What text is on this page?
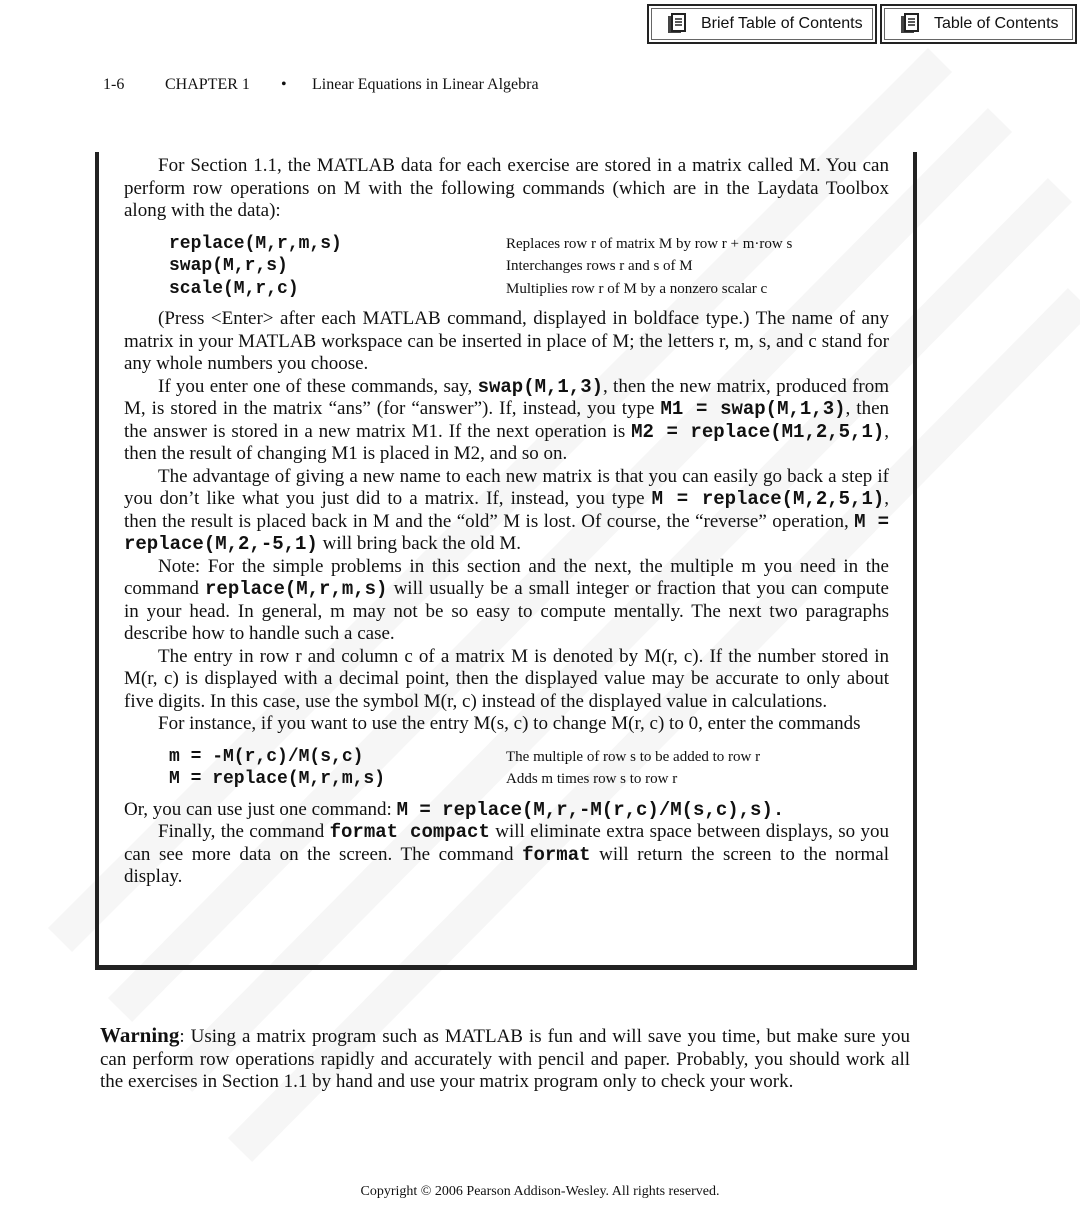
Brief Table of Contents	Table of Contents
1-6	CHAPTER 1	•	Linear Equations in Linear Algebra

For Section 1.1, the MATLAB data for each exercise are stored in a matrix called M. You can perform row operations on M with the following commands (which are in the Laydata Toolbox along with the data):

replace(M,r,m,s)	Replaces row r of matrix M by row r + m·row s
swap(M,r,s)	Interchanges rows r and s of M
scale(M,r,c)	Multiplies row r of M by a nonzero scalar c

(Press <Enter> after each MATLAB command, displayed in boldface type.) The name of any matrix in your MATLAB workspace can be inserted in place of M; the letters r, m, s, and c stand for any whole numbers you choose.

If you enter one of these commands, say, swap(M,1,3), then the new matrix, produced from M, is stored in the matrix “ans” (for “answer”). If, instead, you type M1 = swap(M,1,3), then the answer is stored in a new matrix M1. If the next operation is M2 = replace(M1,2,5,1), then the result of changing M1 is placed in M2, and so on.

The advantage of giving a new name to each new matrix is that you can easily go back a step if you don’t like what you just did to a matrix. If, instead, you type M = replace(M,2,5,1), then the result is placed back in M and the “old” M is lost. Of course, the “reverse” operation, M = replace(M,2,-5,1) will bring back the old M.

Note: For the simple problems in this section and the next, the multiple m you need in the command replace(M,r,m,s) will usually be a small integer or fraction that you can compute in your head. In general, m may not be so easy to compute mentally. The next two paragraphs describe how to handle such a case.

The entry in row r and column c of a matrix M is denoted by M(r, c). If the number stored in M(r, c) is displayed with a decimal point, then the displayed value may be accurate to only about five digits. In this case, use the symbol M(r, c) instead of the displayed value in calculations.

For instance, if you want to use the entry M(s, c) to change M(r, c) to 0, enter the commands

m = -M(r,c)/M(s,c)	The multiple of row s to be added to row r
M = replace(M,r,m,s)	Adds m times row s to row r

Or, you can use just one command: M = replace(M,r,-M(r,c)/M(s,c),s).

Finally, the command format compact will eliminate extra space between displays, so you can see more data on the screen. The command format will return the screen to the normal display.

Warning: Using a matrix program such as MATLAB is fun and will save you time, but make sure you can perform row operations rapidly and accurately with pencil and paper. Probably, you should work all the exercises in Section 1.1 by hand and use your matrix program only to check your work.
Copyright © 2006 Pearson Addison-Wesley. All rights reserved.
